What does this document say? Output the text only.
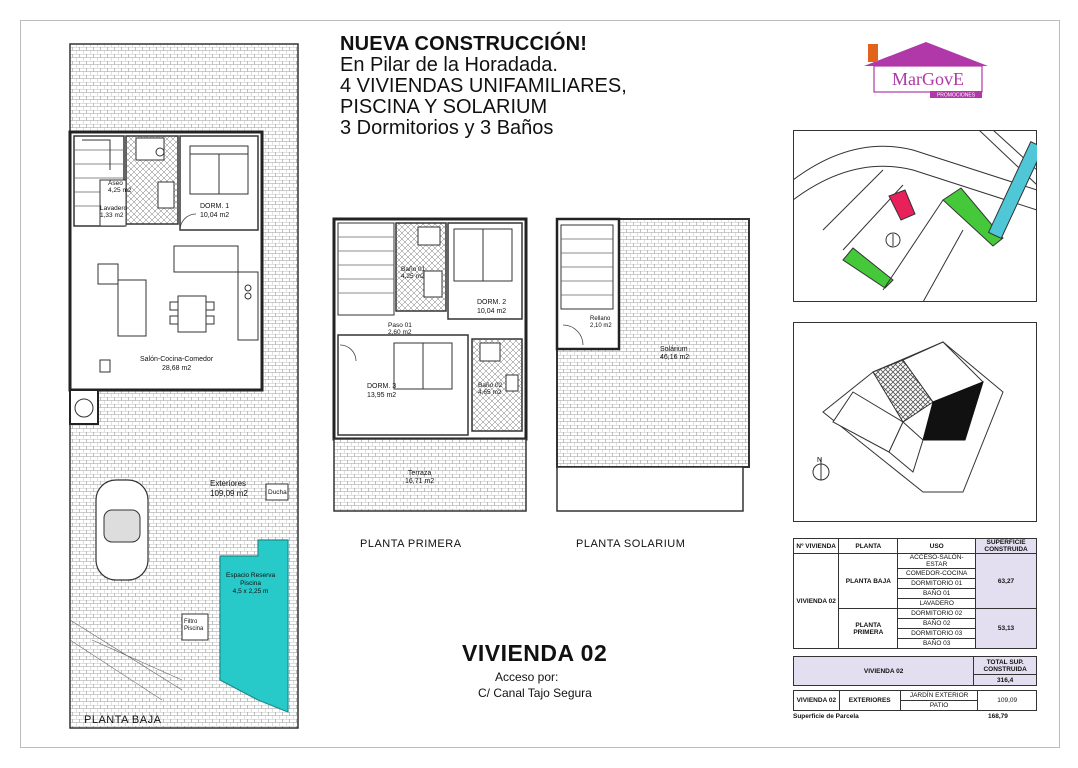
NUEVA CONSTRUCCIÓN!
En Pilar de la Horadada.
4 VIVIENDAS UNIFAMILIARES,
PISCINA Y SOLARIUM
3 Dormitorios y 3 Baños
MarGovE
PROMOCIONES
Aseo
4,25 m2
Lavadero
1,33 m2
DORM. 1
10,04 m2
Salón-Cocina-Comedor
28,68 m2
Exteriores
109,09 m2	Ducha
Espacio Reserva
Piscina
4,5 x 2,25 m
Filtro
Piscina
PLANTA BAJA
Baño 01
4,25 m2
DORM. 2
10,04 m2
Paso 01
2,60 m2
DORM. 3
13,95 m2
Baño 02
4,65 m2
Terraza
16,71 m2
PLANTA PRIMERA
Rellano
2,10 m2
Solárium
46,16 m2
PLANTA SOLARIUM
N
Nº VIVIENDA	PLANTA	USO	SUPERFICIE CONSTRUIDA
VIVIENDA 02	PLANTA BAJA	ACCESO-SALÓN-ESTAR	63,27
		COMEDOR-COCINA	
		DORMITORIO 01	
		BAÑO 01	
		LAVADERO	
	PLANTA PRIMERA	DORMITORIO 02	53,13
		BAÑO 02	
		DORMITORIO 03	
		BAÑO 03	
VIVIENDA 02	TOTAL SUP. CONSTRUIDA
316,4
VIVIENDA 02	EXTERIORES	JARDÍN EXTERIOR	109,09
PATIO
Superficie de Parcela	168,79
VIVIENDA 02
Acceso por:
C/ Canal Tajo Segura
